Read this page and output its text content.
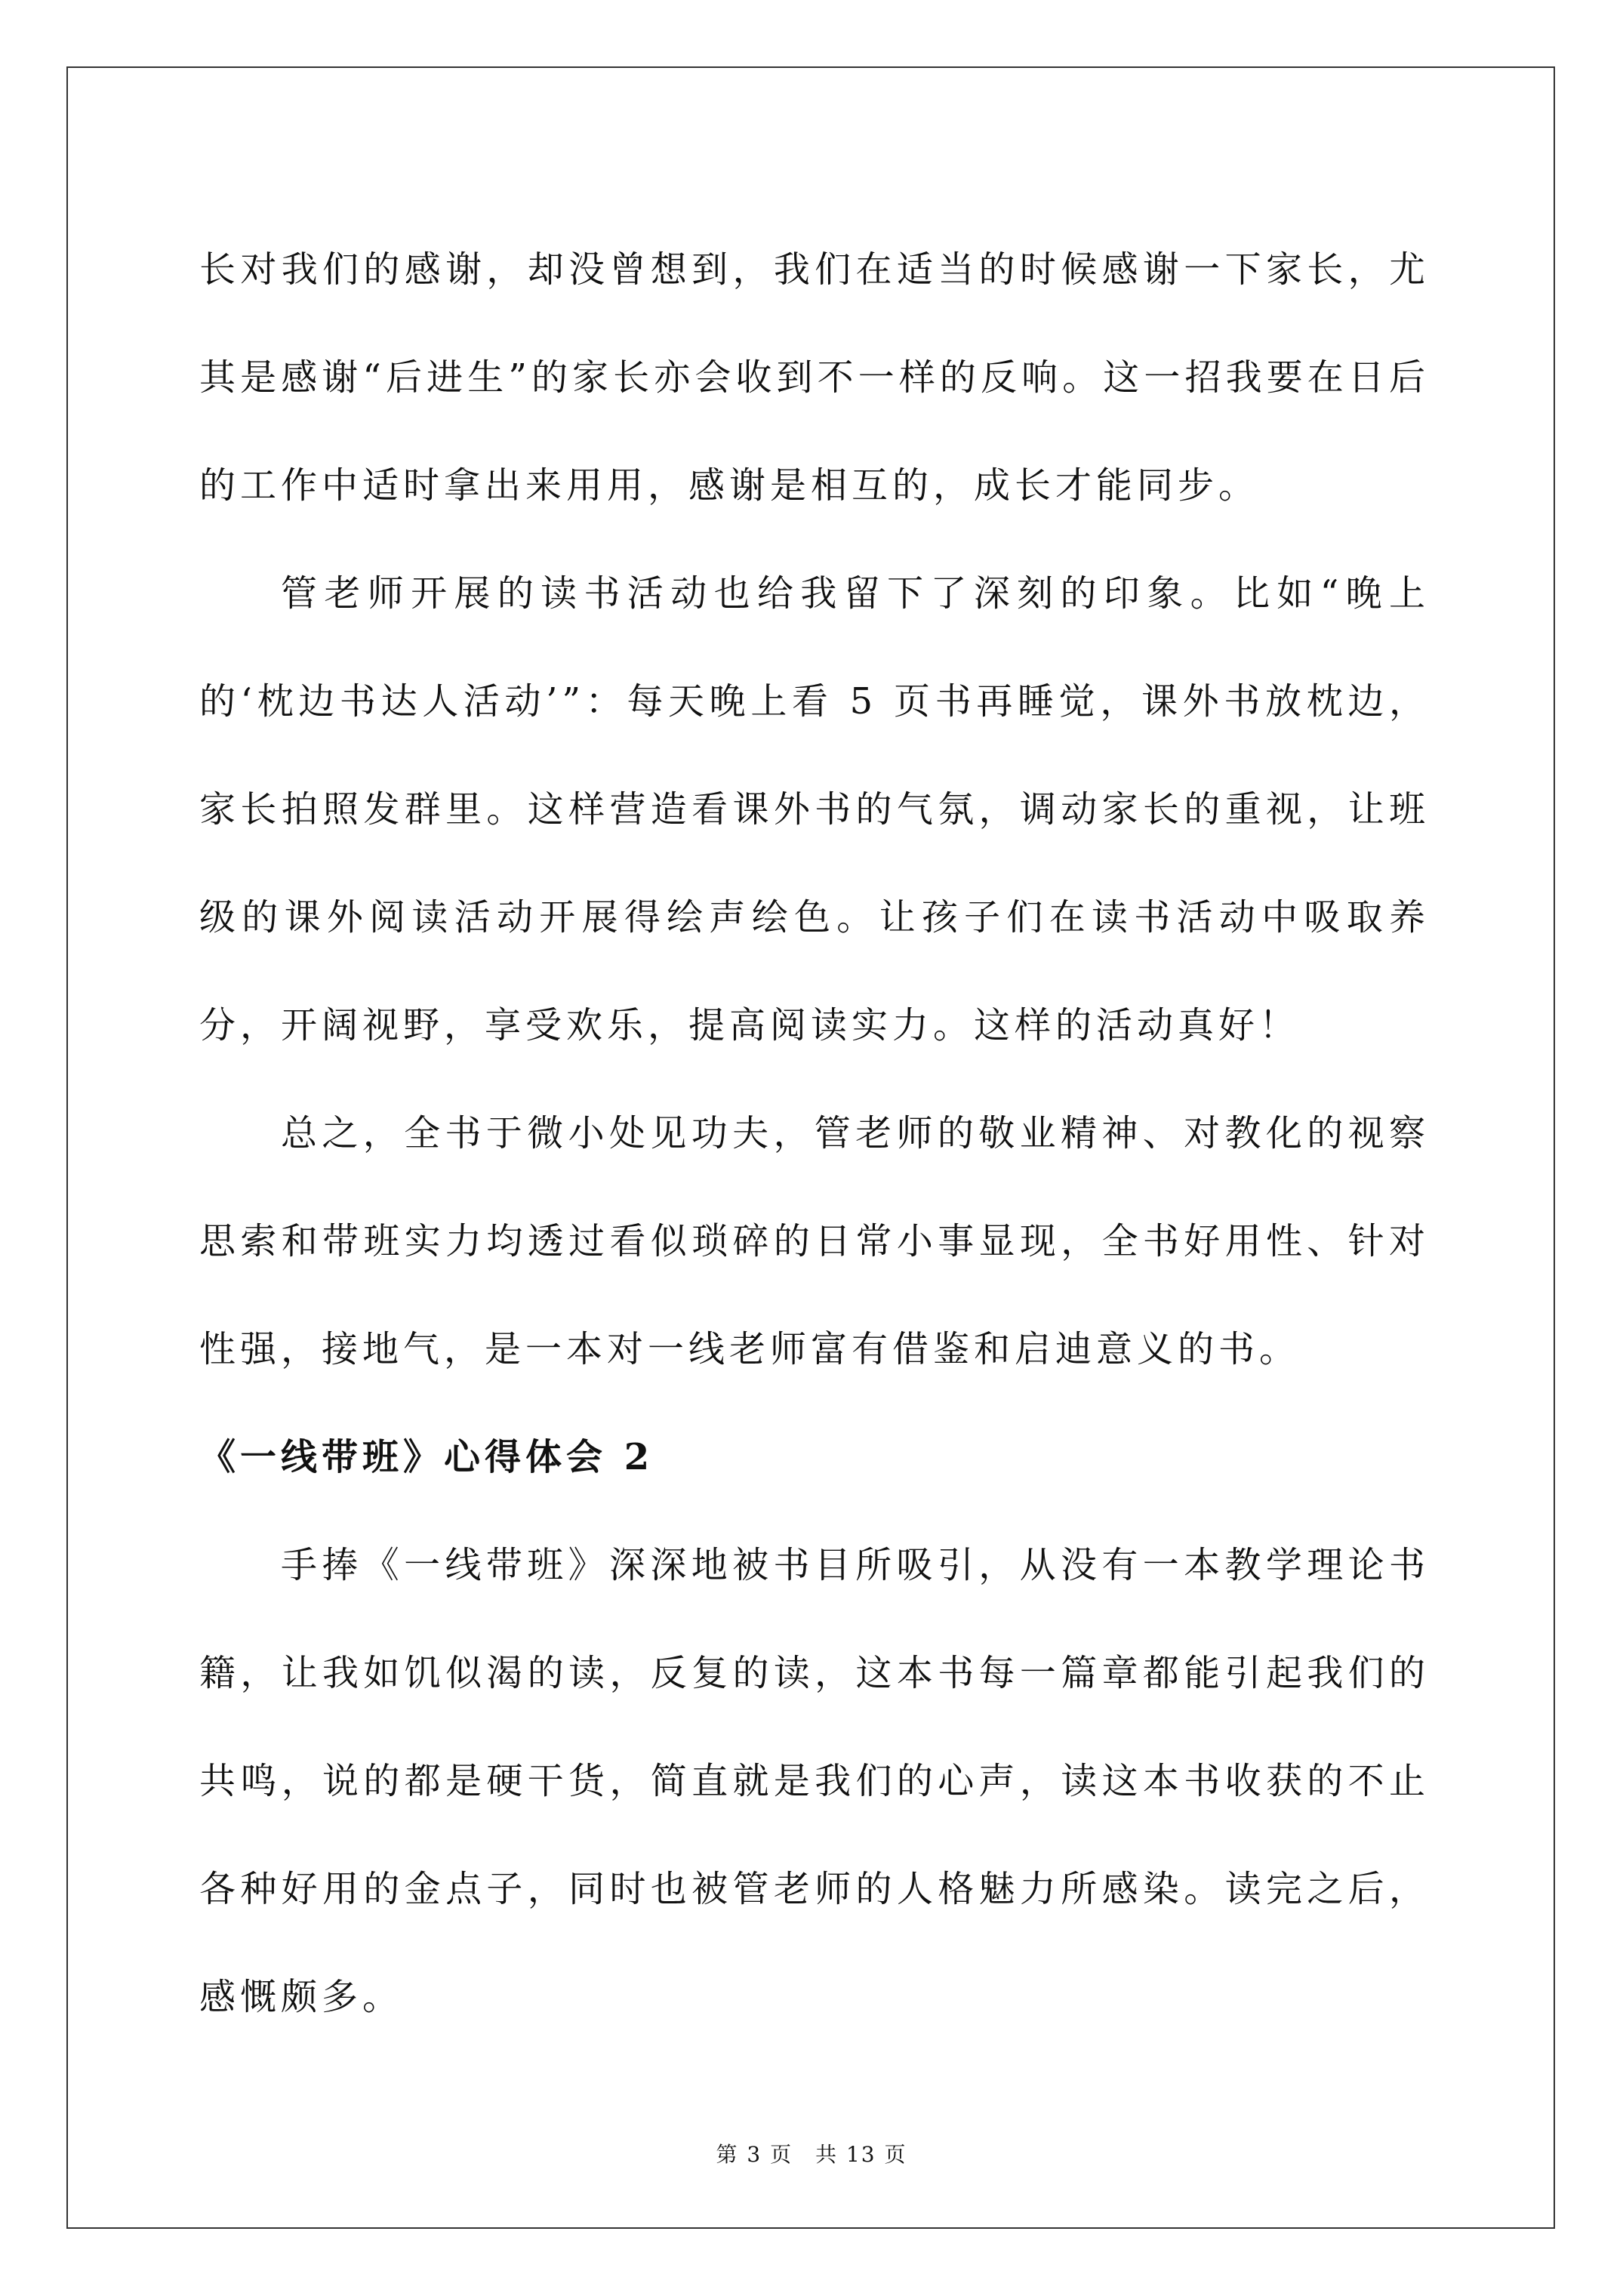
长对我们的感谢，却没曾想到，我们在适当的时候感谢一下家长，尤其是感谢“后进生”的家长亦会收到不一样的反响。这一招我要在日后的工作中适时拿出来用用，感谢是相互的，成长才能同步。

管老师开展的读书活动也给我留下了深刻的印象。比如“晚上的‘枕边书达人活动’”：每天晚上看 5 页书再睡觉，课外书放枕边，家长拍照发群里。这样营造看课外书的气氛，调动家长的重视，让班级的课外阅读活动开展得绘声绘色。让孩子们在读书活动中吸取养分，开阔视野，享受欢乐，提高阅读实力。这样的活动真好！

总之，全书于微小处见功夫，管老师的敬业精神、对教化的视察思索和带班实力均透过看似琐碎的日常小事显现，全书好用性、针对性强，接地气，是一本对一线老师富有借鉴和启迪意义的书。

《一线带班》心得体会 2

手捧《一线带班》深深地被书目所吸引，从没有一本教学理论书籍，让我如饥似渴的读，反复的读，这本书每一篇章都能引起我们的共鸣，说的都是硬干货，简直就是我们的心声，读这本书收获的不止各种好用的金点子，同时也被管老师的人格魅力所感染。读完之后，感慨颇多。

第 3 页　共 13 页
